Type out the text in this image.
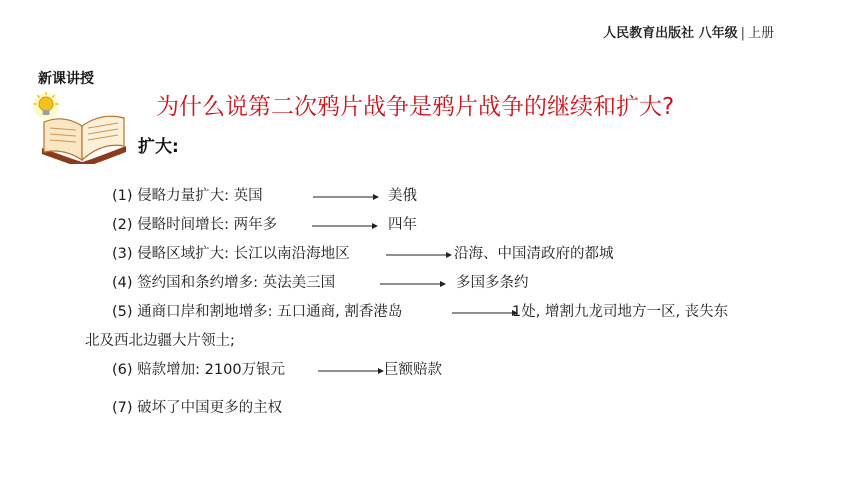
人民教育出版社 八年级 | 上册
新课讲授
为什么说第二次鸦片战争是鸦片战争的继续和扩大?
扩大:
(1) 侵略力量扩大: 英国	美俄
(2) 侵略时间增长: 两年多	四年
(3) 侵略区域扩大: 长江以南沿海地区	沿海、中国清政府的都城
(4) 签约国和条约增多: 英法美三国	多国多条约
(5) 通商口岸和割地增多: 五口通商, 割香港岛	1处, 增割九龙司地方一区, 丧失东
北及西北边疆大片领土;
(6) 赔款增加: 2100万银元	巨额赔款
(7) 破坏了中国更多的主权
